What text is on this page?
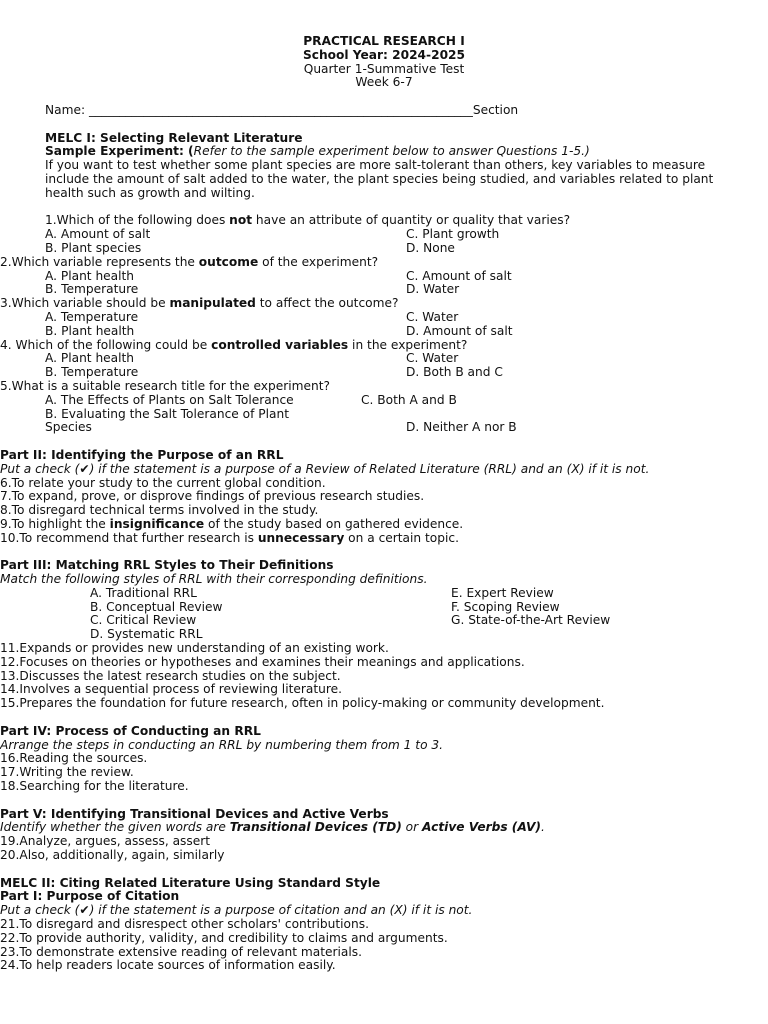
PRACTICAL RESEARCH I
School Year: 2024-2025
Quarter 1-Summative Test
Week 6-7
Name: _______________________________________________________________Section
MELC I: Selecting Relevant Literature
Sample Experiment: (Refer to the sample experiment below to answer Questions 1-5.)
If you want to test whether some plant species are more salt-tolerant than others, key variables to measure include the amount of salt added to the water, the plant species being studied, and variables related to plant health such as growth and wilting.
1.Which of the following does not have an attribute of quantity or quality that varies?
A. Amount of salt	C. Plant growth
B. Plant species	D. None
2.Which variable represents the outcome of the experiment?
A. Plant health	C. Amount of salt
B. Temperature	D. Water
3.Which variable should be manipulated to affect the outcome?
A. Temperature	C. Water
B. Plant health	D. Amount of salt
4. Which of the following could be controlled variables in the experiment?
A. Plant health	C. Water
B. Temperature	D. Both B and C
5.What is a suitable research title for the experiment?
A. The Effects of Plants on Salt Tolerance	C. Both A and B
B. Evaluating the Salt Tolerance of Plant
Species	D. Neither A nor B
Part II: Identifying the Purpose of an RRL
Put a check (✔) if the statement is a purpose of a Review of Related Literature (RRL) and an (X) if it is not.
6.To relate your study to the current global condition.
7.To expand, prove, or disprove findings of previous research studies.
8.To disregard technical terms involved in the study.
9.To highlight the insignificance of the study based on gathered evidence.
10.To recommend that further research is unnecessary on a certain topic.
Part III: Matching RRL Styles to Their Definitions
Match the following styles of RRL with their corresponding definitions.
A. Traditional RRL
B. Conceptual Review
C. Critical Review
D. Systematic RRL
E. Expert Review
F. Scoping Review
G. State-of-the-Art Review
11.Expands or provides new understanding of an existing work.
12.Focuses on theories or hypotheses and examines their meanings and applications.
13.Discusses the latest research studies on the subject.
14.Involves a sequential process of reviewing literature.
15.Prepares the foundation for future research, often in policy-making or community development.
Part IV: Process of Conducting an RRL
Arrange the steps in conducting an RRL by numbering them from 1 to 3.
16.Reading the sources.
17.Writing the review.
18.Searching for the literature.
Part V: Identifying Transitional Devices and Active Verbs
Identify whether the given words are Transitional Devices (TD) or Active Verbs (AV).
19.Analyze, argues, assess, assert
20.Also, additionally, again, similarly
MELC II: Citing Related Literature Using Standard Style
Part I: Purpose of Citation
Put a check (✔) if the statement is a purpose of citation and an (X) if it is not.
21.To disregard and disrespect other scholars' contributions.
22.To provide authority, validity, and credibility to claims and arguments.
23.To demonstrate extensive reading of relevant materials.
24.To help readers locate sources of information easily.
